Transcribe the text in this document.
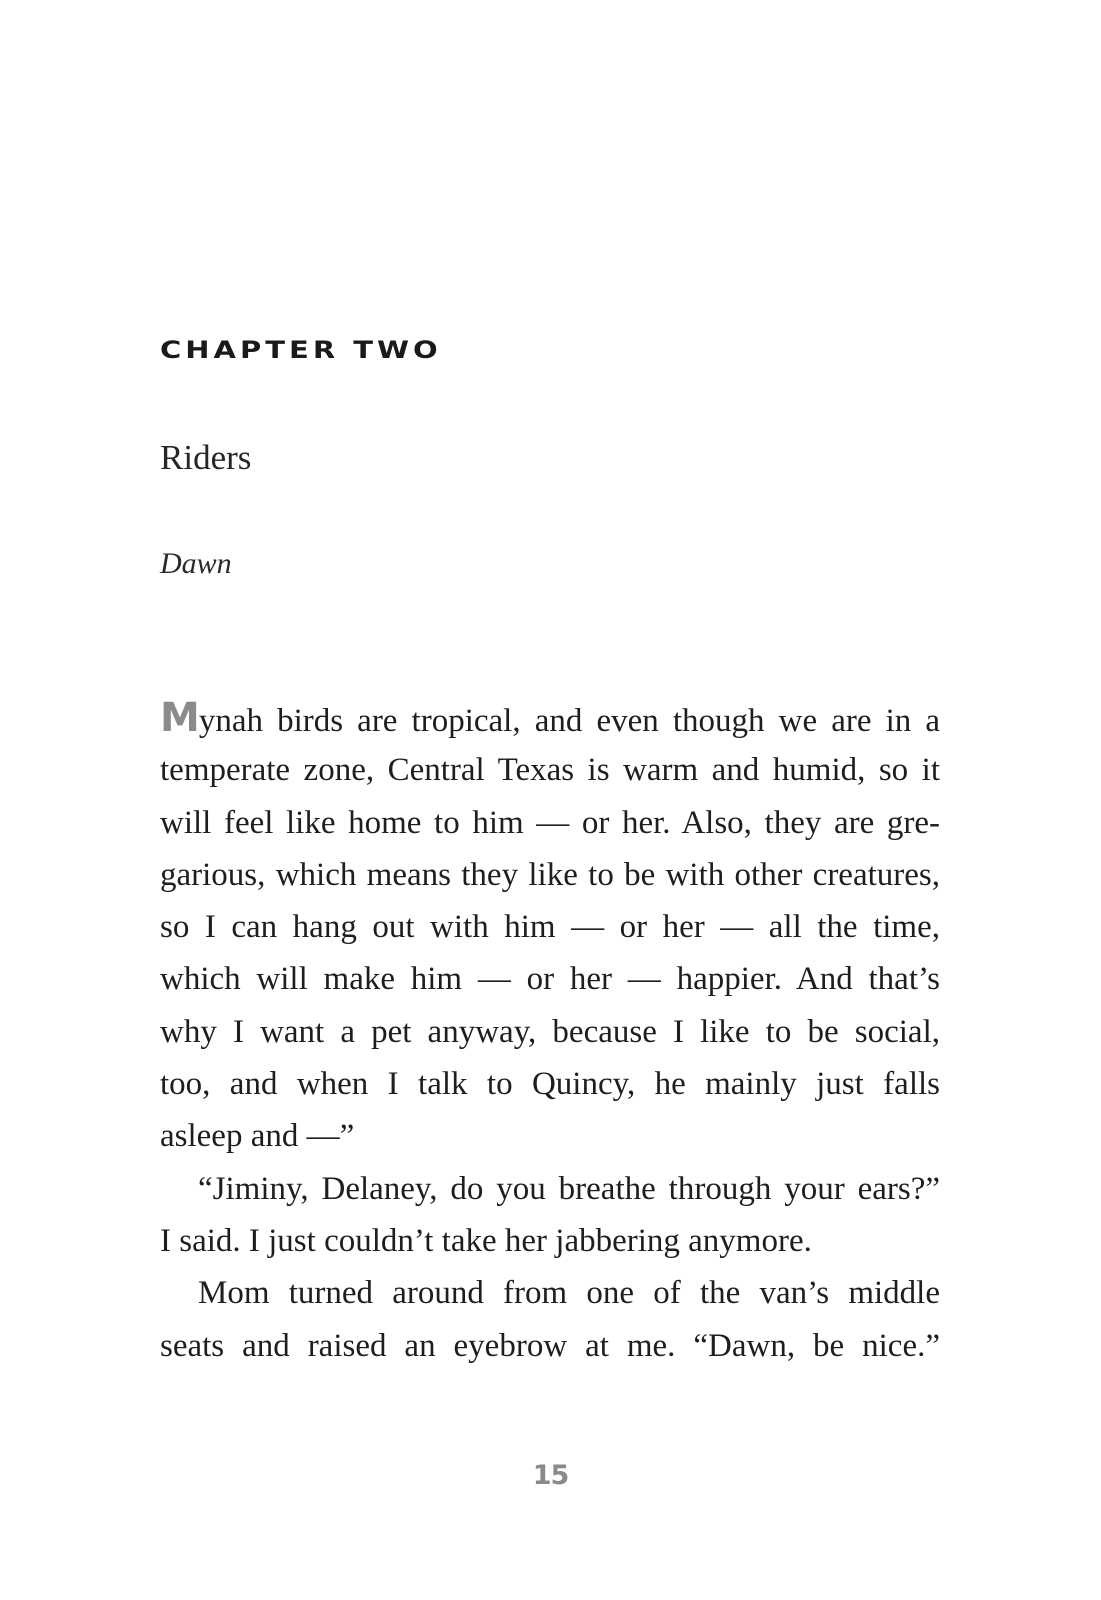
CHAPTER TWO
Riders
Dawn
Mynah birds are tropical, and even though we are in a
temperate zone, Central Texas is warm and humid, so it
will feel like home to him — or her. Also, they are gre-
garious, which means they like to be with other creatures,
so I can hang out with him — or her — all the time,
which will make him — or her — happier. And that’s
why I want a pet anyway, because I like to be social,
too, and when I talk to Quincy, he mainly just falls
asleep and —”
“Jiminy, Delaney, do you breathe through your ears?”
I said. I just couldn’t take her jabbering anymore.
Mom turned around from one of the van’s middle
seats and raised an eyebrow at me. “Dawn, be nice.”
15
